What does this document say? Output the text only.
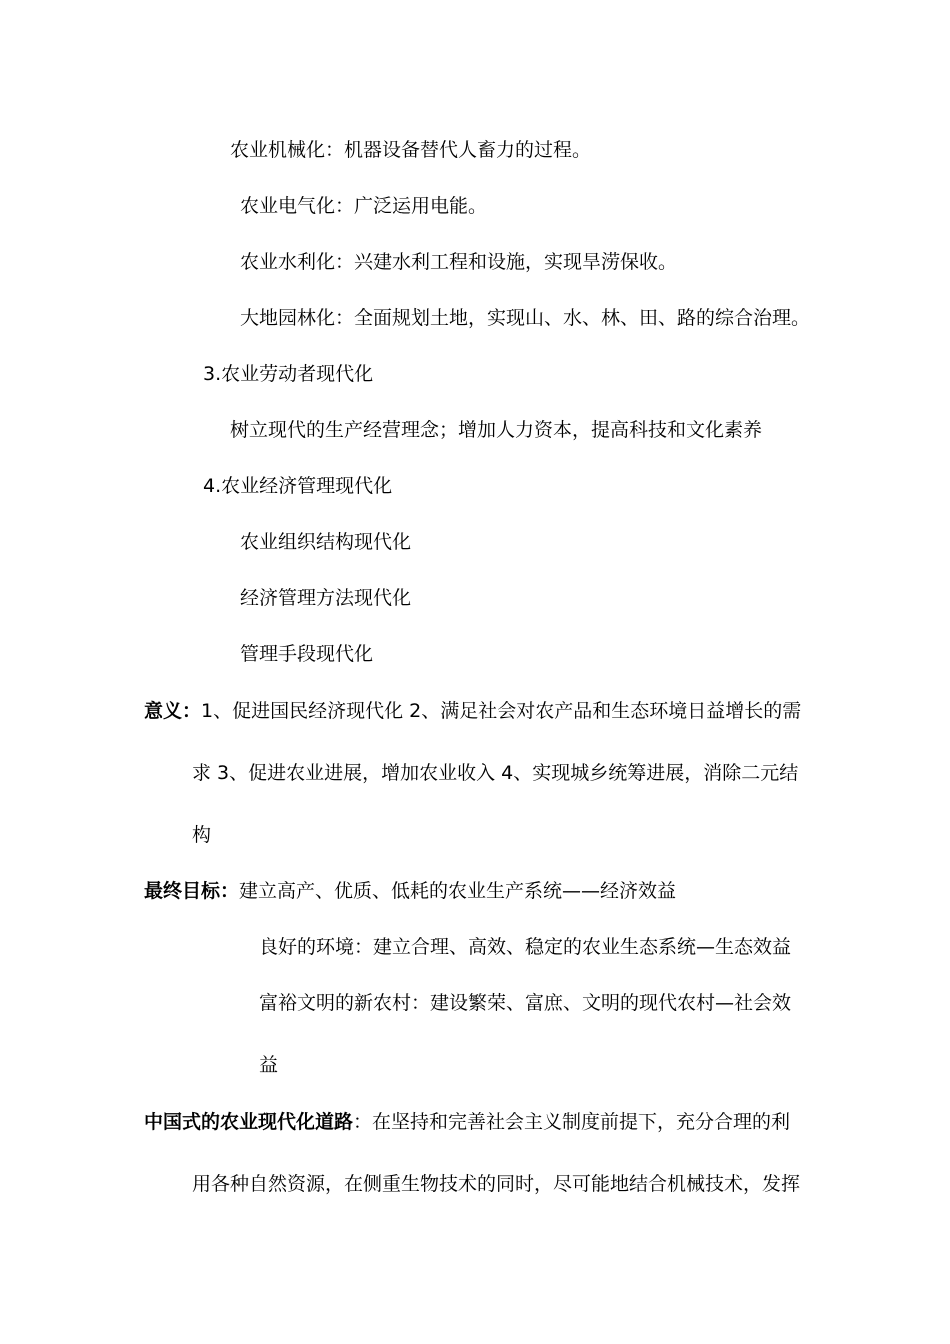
农业机械化：机器设备替代人畜力的过程。
农业电气化：广泛运用电能。
农业水利化：兴建水利工程和设施，实现旱涝保收。
大地园林化：全面规划土地，实现山、水、林、田、路的综合治理。
3.农业劳动者现代化
树立现代的生产经营理念；增加人力资本，提高科技和文化素养
4.农业经济管理现代化
农业组织结构现代化
经济管理方法现代化
管理手段现代化
意义：1、促进国民经济现代化 2、满足社会对农产品和生态环境日益增长的需
求 3、促进农业进展，增加农业收入 4、实现城乡统筹进展，消除二元结
构
最终目标：建立高产、优质、低耗的农业生产系统——经济效益
良好的环境：建立合理、高效、稳定的农业生态系统—生态效益
富裕文明的新农村：建设繁荣、富庶、文明的现代农村—社会效
益
中国式的农业现代化道路：在坚持和完善社会主义制度前提下，充分合理的利
用各种自然资源，在侧重生物技术的同时，尽可能地结合机械技术，发挥
